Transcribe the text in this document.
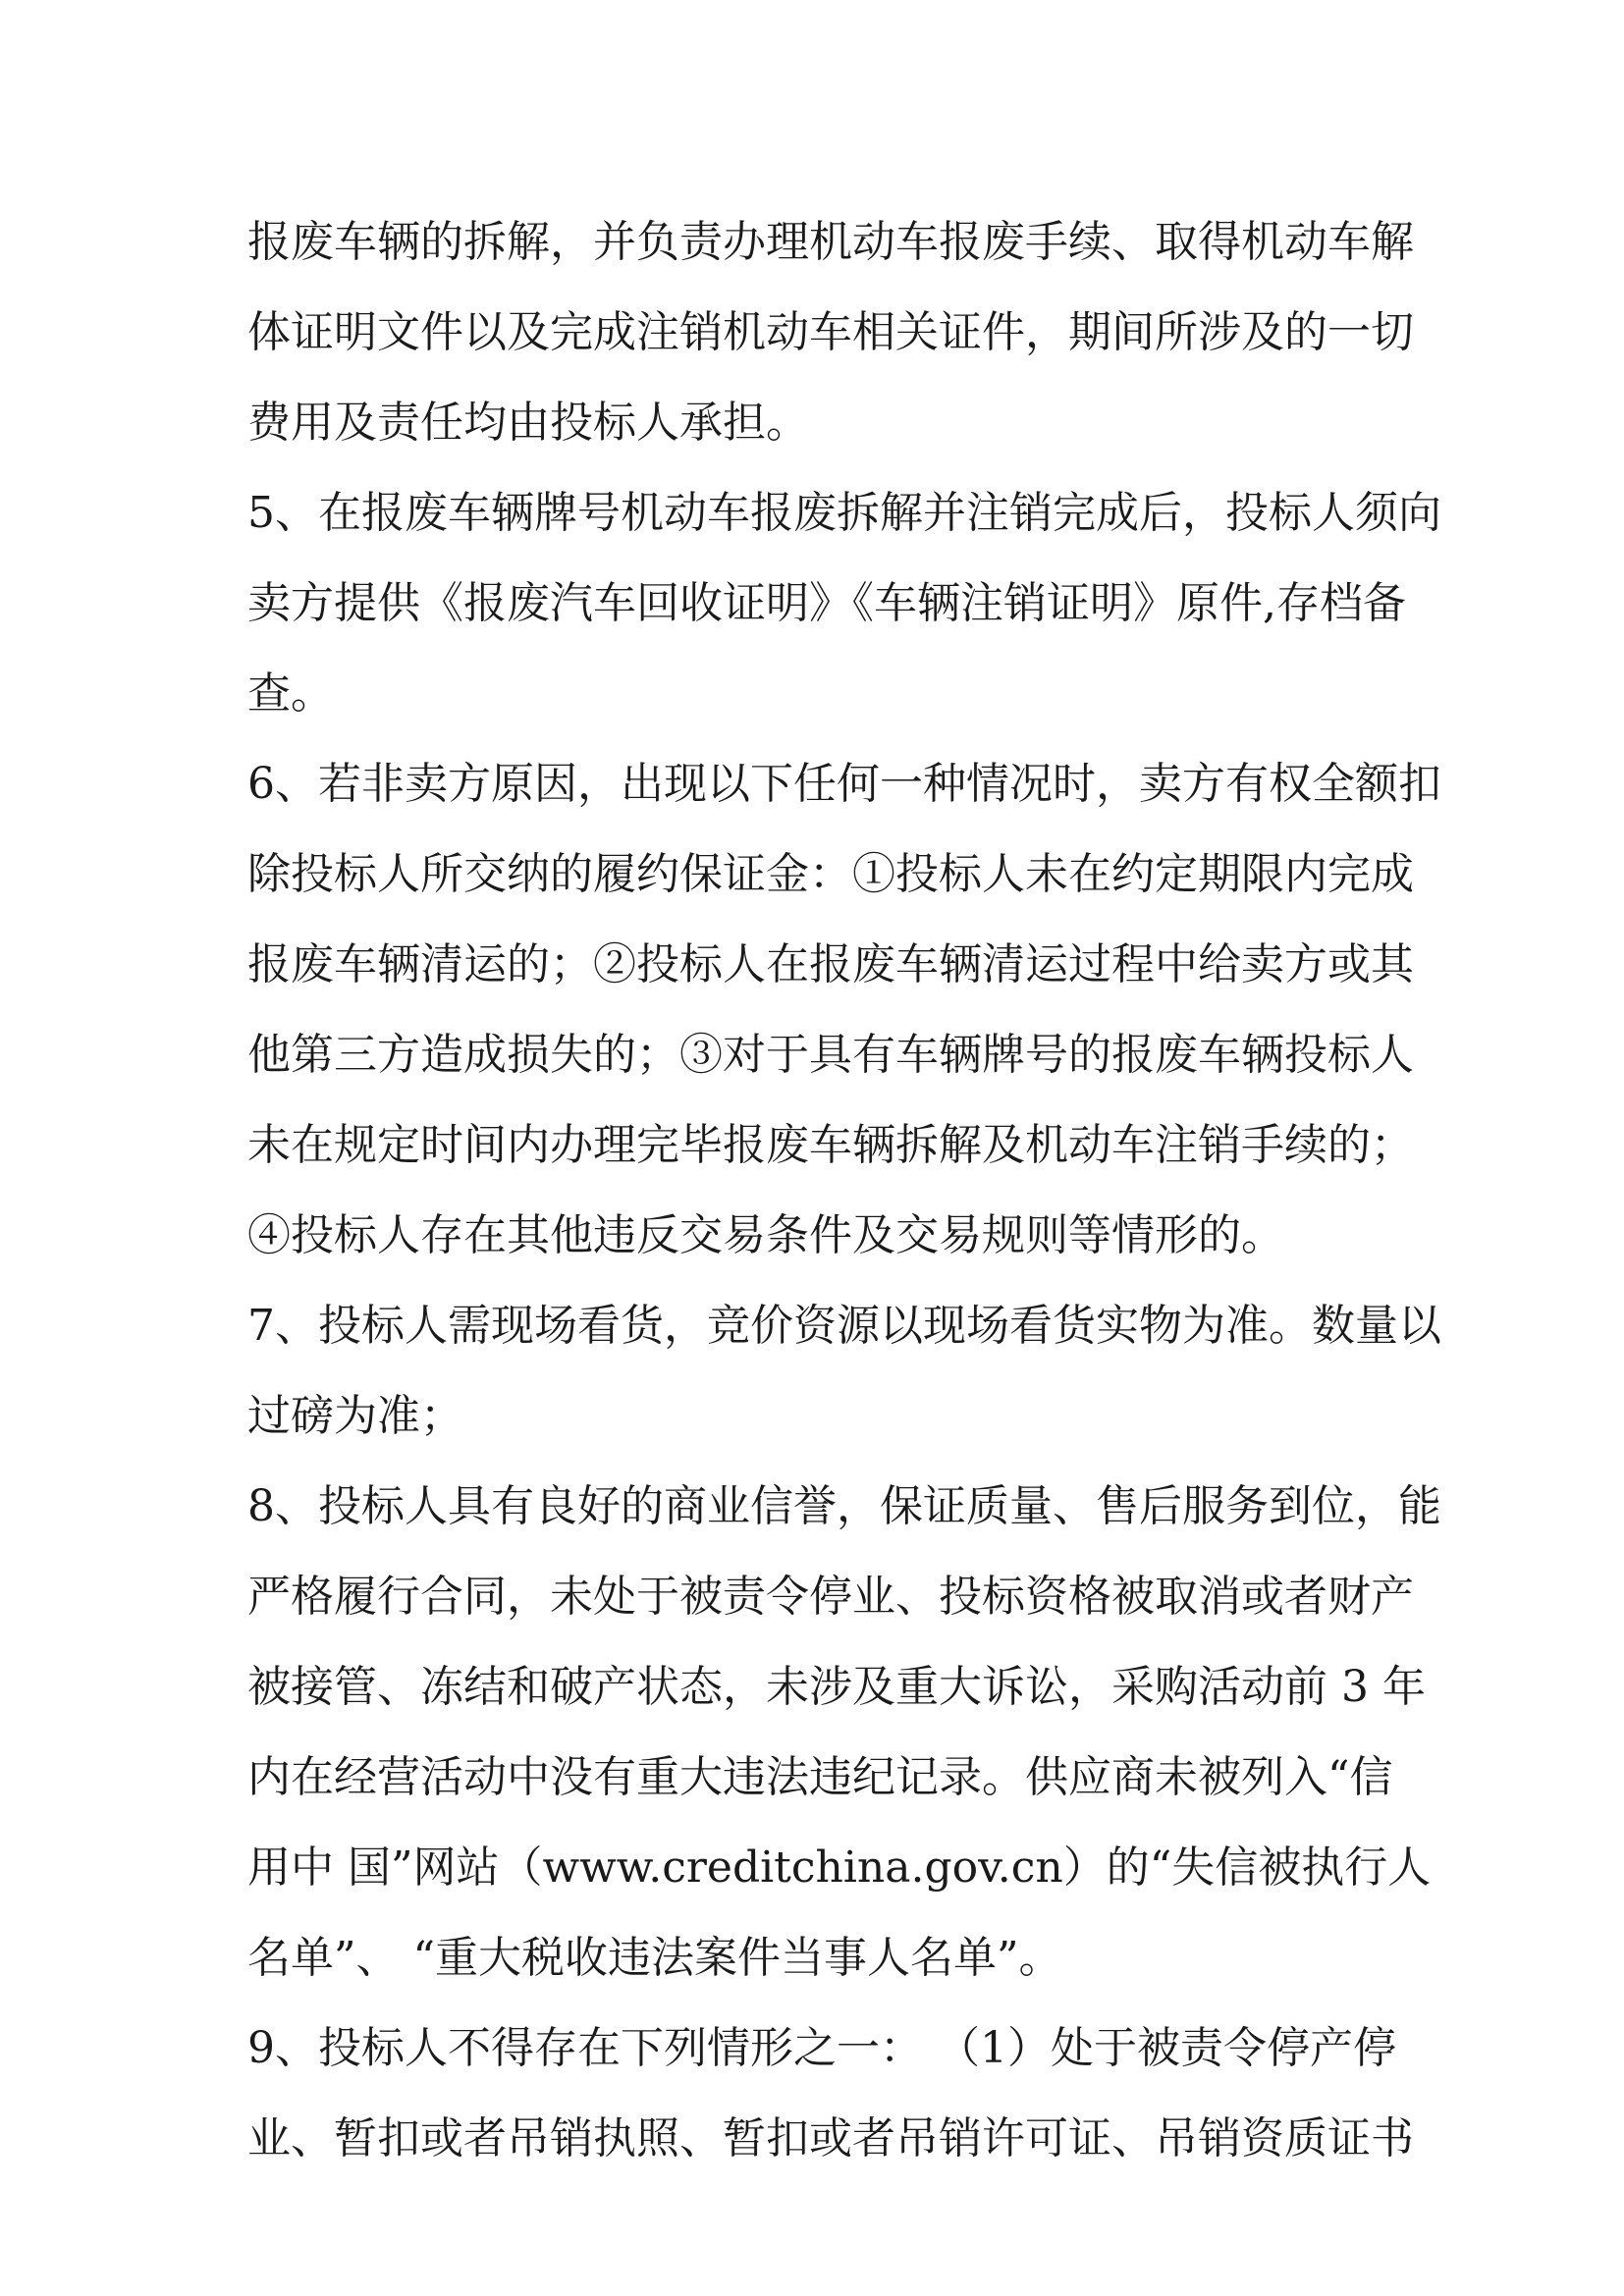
报废车辆的拆解，并负责办理机动车报废手续、取得机动车解
体证明文件以及完成注销机动车相关证件，期间所涉及的一切
费用及责任均由投标人承担。
5、在报废车辆牌号机动车报废拆解并注销完成后，投标人须向
卖方提供《报废汽车回收证明》《车辆注销证明》原件,存档备
查。
6、若非卖方原因，出现以下任何一种情况时，卖方有权全额扣
除投标人所交纳的履约保证金：①投标人未在约定期限内完成
报废车辆清运的；②投标人在报废车辆清运过程中给卖方或其
他第三方造成损失的；③对于具有车辆牌号的报废车辆投标人
未在规定时间内办理完毕报废车辆拆解及机动车注销手续的；
④投标人存在其他违反交易条件及交易规则等情形的。
7、投标人需现场看货，竞价资源以现场看货实物为准。数量以
过磅为准；
8、投标人具有良好的商业信誉，保证质量、售后服务到位，能
严格履行合同，未处于被责令停业、投标资格被取消或者财产
被接管、冻结和破产状态，未涉及重大诉讼，采购活动前 3 年
内在经营活动中没有重大违法违纪记录。供应商未被列入“信
用中 国”网站（www.creditchina.gov.cn）的“失信被执行人
名单”、 “重大税收违法案件当事人名单”。
9、投标人不得存在下列情形之一： （1）处于被责令停产停
业、暂扣或者吊销执照、暂扣或者吊销许可证、吊销资质证书
